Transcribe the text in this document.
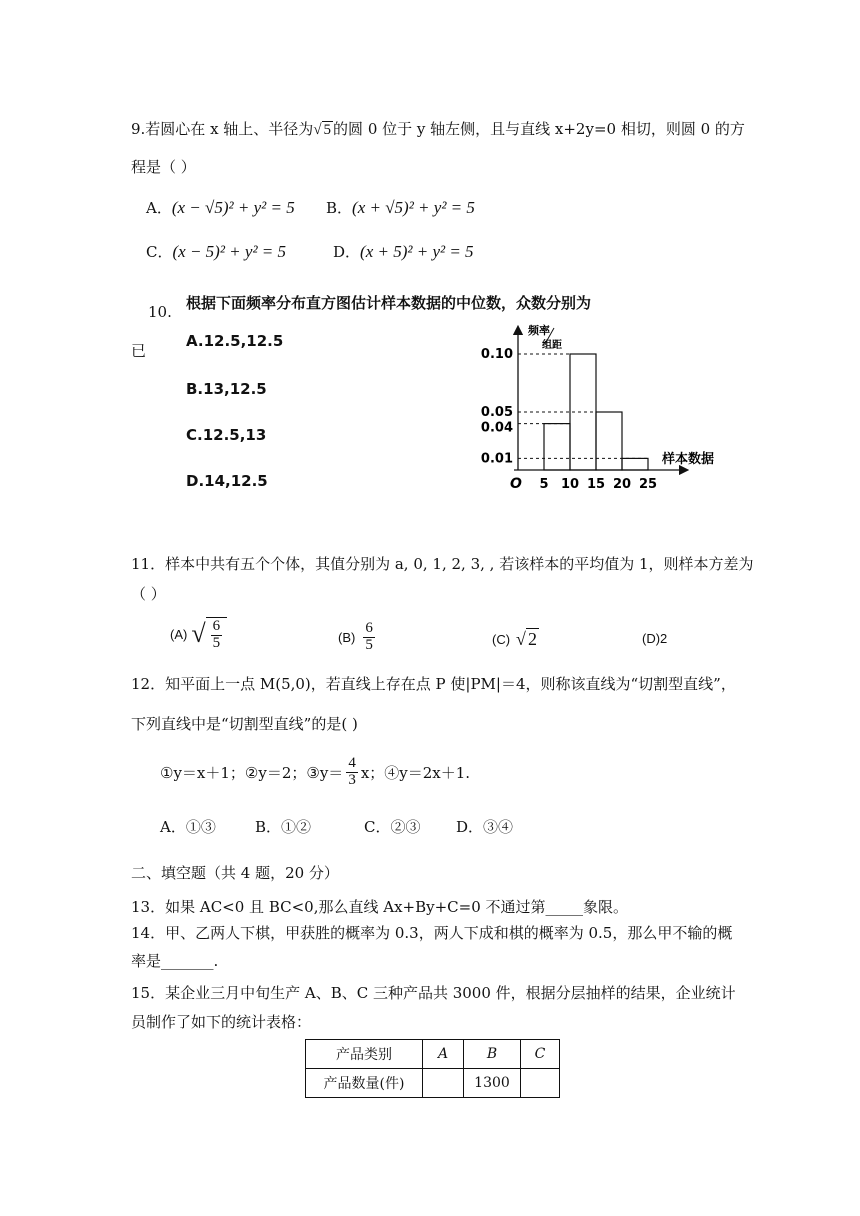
9.若圆心在 x 轴上、半径为√ 5 的圆 0 位于 y 轴左侧，且与直线 x+2y=0 相切，则圆 0 的方
程是（ ）
A．(x − √5)² + y² = 5 B．(x + √5)² + y² = 5
C．(x − 5)² + y² = 5	D．(x + 5)² + y² = 5
10. 根据下面频率分布直方图估计样本数据的中位数，众数分别为
已
A.12.5,12.5
B.13,12.5
C.12.5,13
D.14,12.5
0.10
0.05
0.04
0.01
5 10 15 20 25
频率
组距
样本数据
O
11．样本中共有五个个体，其值分别为 a, 0, 1, 2, 3, , 若该样本的平均值为 1，则样本方差为
（ ）
(A) √ $\frac{6}{5}$	$(B) \frac{6}{5}$	(C) √ 2	(D)2
12．知平面上一点 M(5,0)，若直线上存在点 P 使|PM|＝4，则称该直线为“切割型直线”，
下列直线中是“切割型直线”的是( )
①y＝x＋1；②y＝2；③y＝ $\frac{4}{3}$ x；④y＝2x＋1.
A．①③	B．①②	C．②③ D．③④
二、填空题（共 4 题，20 分）
13．如果 AC<0 且 BC<0,那么直线 Ax+By+C=0 不通过第_____象限。
14．甲、乙两人下棋，甲获胜的概率为 0.3，两人下成和棋的概率为 0.5，那么甲不输的概
率是_______.
15．某企业三月中旬生产 A、B、C 三种产品共 3000 件，根据分层抽样的结果，企业统计
员制作了如下的统计表格：
产品类别	A	B	C
产品数量(件)		1300	
